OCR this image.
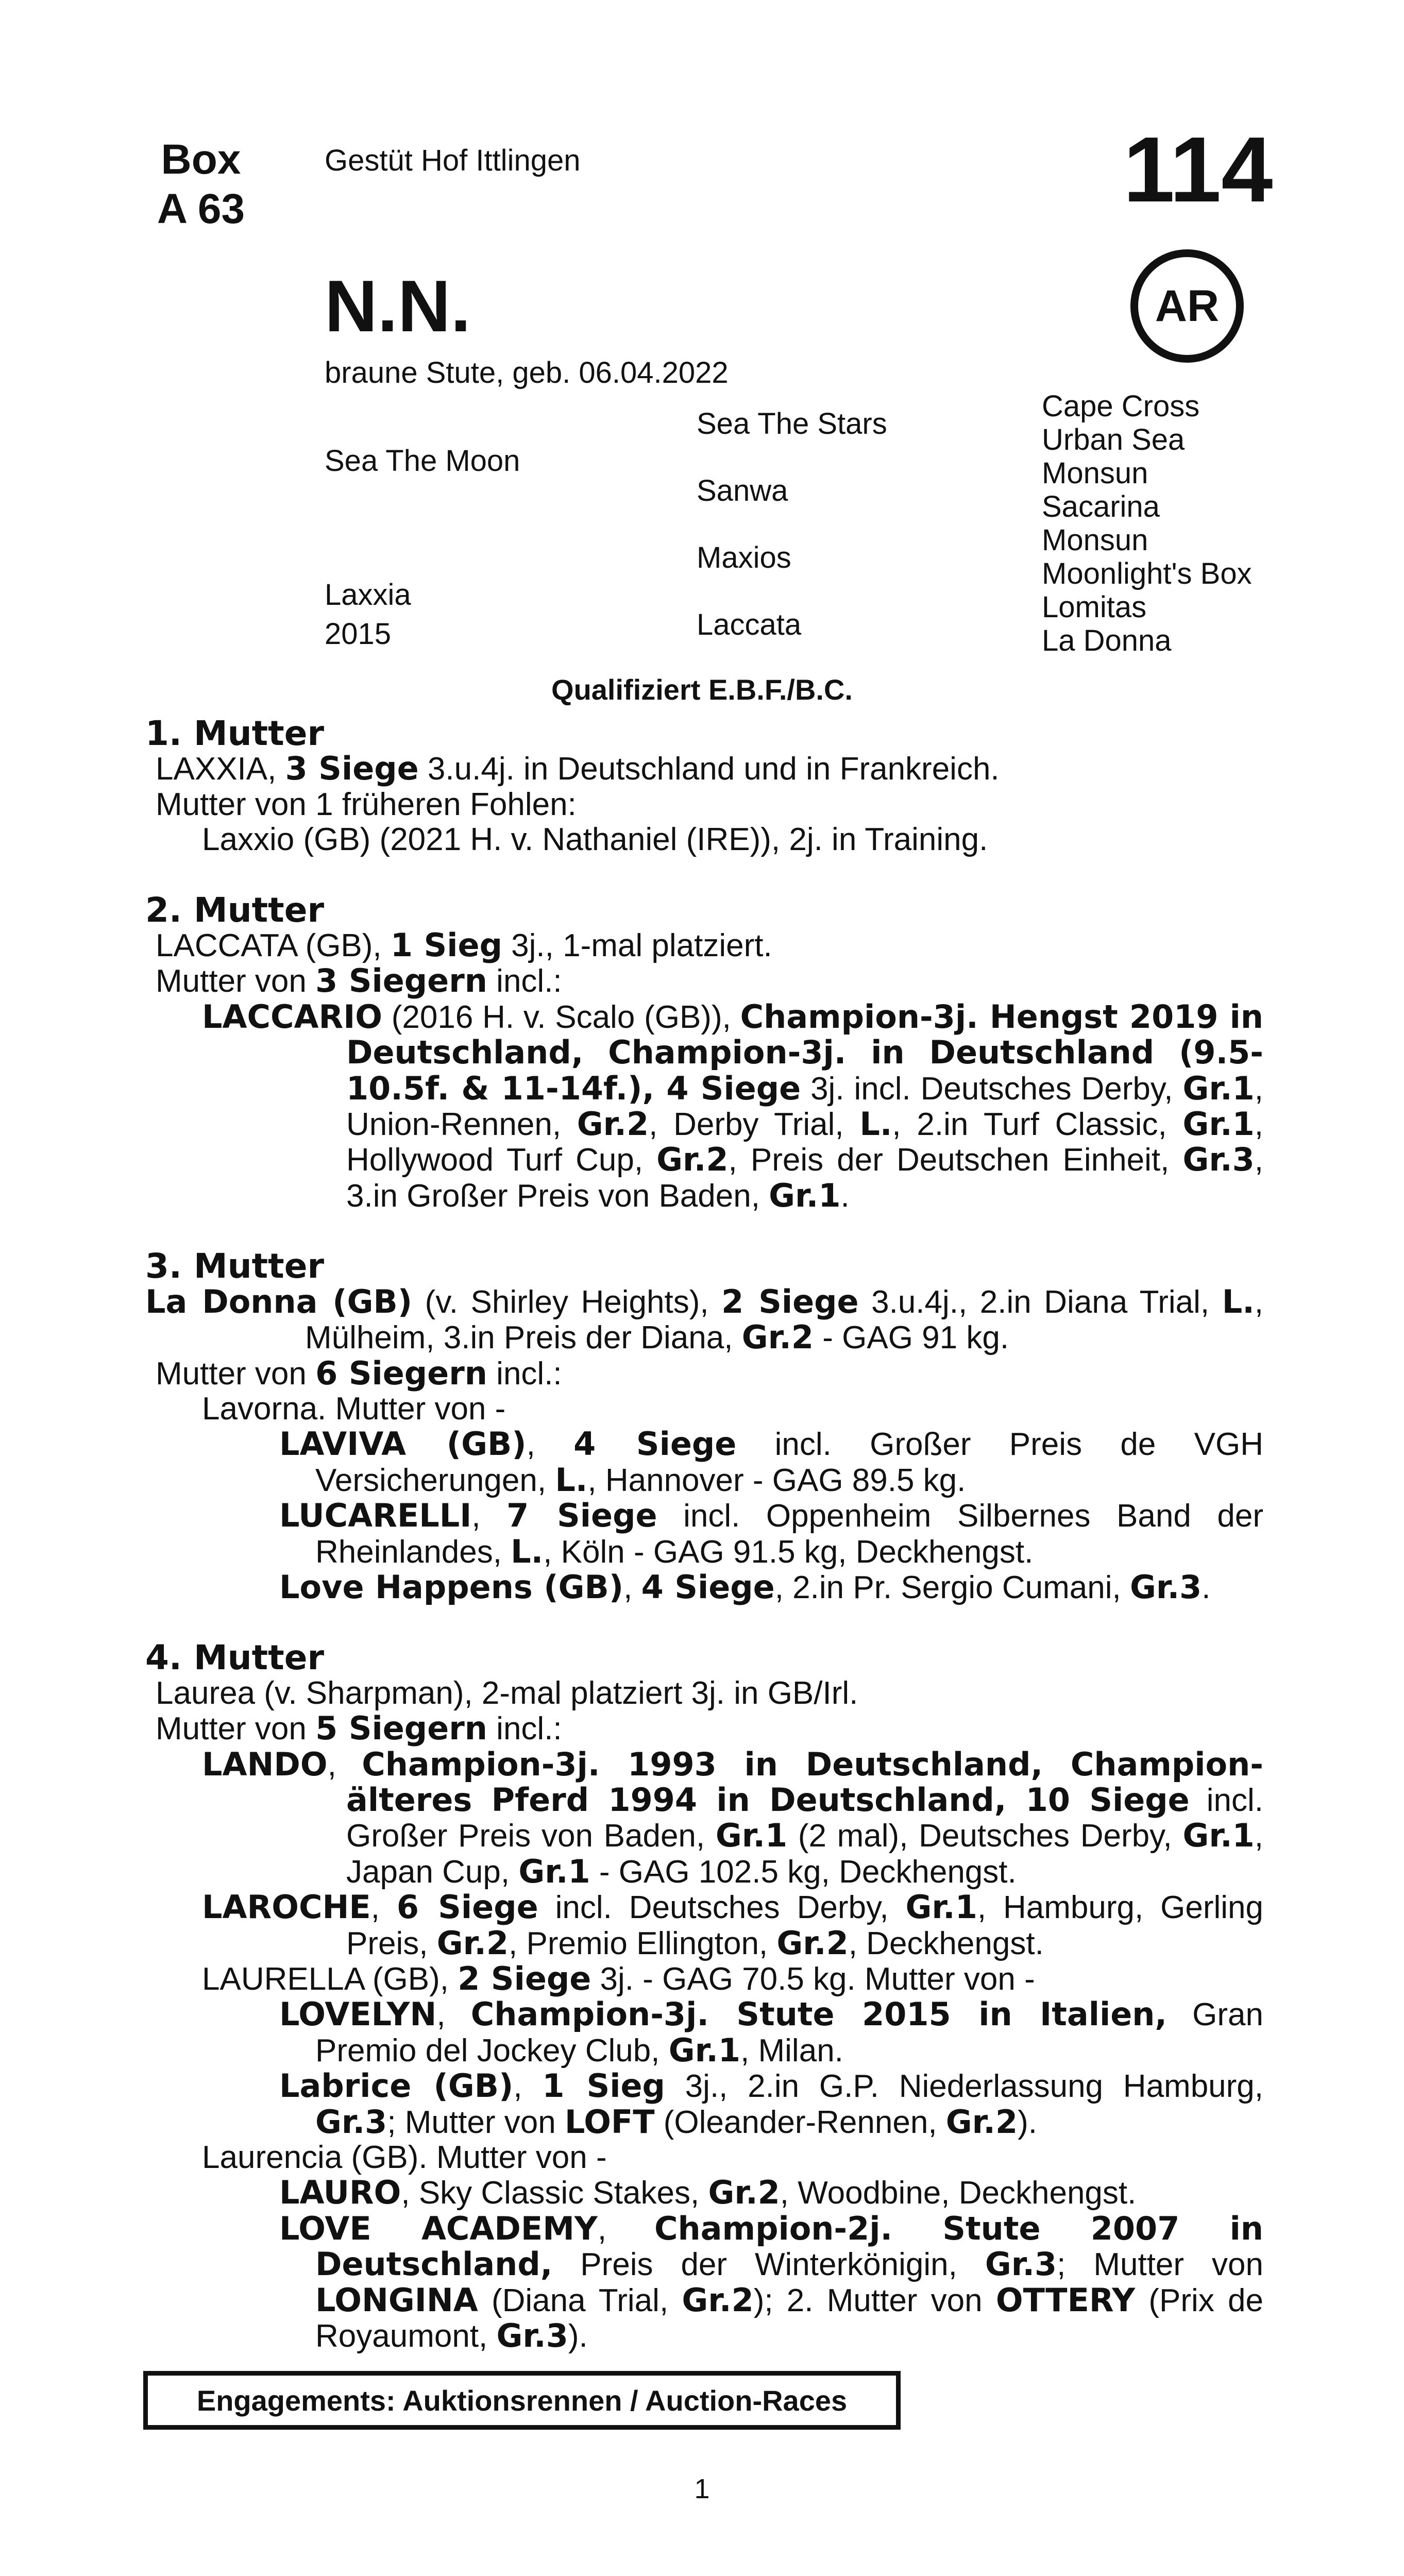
Box
A 63
Gestüt Hof Ittlingen	114
AR
N.N.
braune Stute, geb. 06.04.2022
Sea The Moon
Laxxia
2015
Sea The Stars
Sanwa
Maxios
Laccata
Cape Cross
Urban Sea
Monsun
Sacarina
Monsun
Moonlight's Box
Lomitas
La Donna
Qualifiziert E.B.F./B.C.
1. Mutter

LAXXIA, 3 Siege 3.u.4j. in Deutschland und in Frankreich.

Mutter von 1 früheren Fohlen:

Laxxio (GB) (2021 H. v. Nathaniel (IRE)), 2j. in Training.

2. Mutter

LACCATA (GB), 1 Sieg 3j., 1-mal platziert.

Mutter von 3 Siegern incl.:

LACCARIO (2016 H. v. Scalo (GB)), Champion-3j. Hengst 2019 in Deutschland, Champion-3j. in Deutschland (9.5-10.5f. & 11-14f.), 4 Siege 3j. incl. Deutsches Derby, Gr.1, Union-Rennen, Gr.2, Derby Trial, L., 2.in Turf Classic, Gr.1, Hollywood Turf Cup, Gr.2, Preis der Deutschen Einheit, Gr.3, 3.in Großer Preis von Baden, Gr.1.

3. Mutter

La Donna (GB) (v. Shirley Heights), 2 Siege 3.u.4j., 2.in Diana Trial, L., Mülheim, 3.in Preis der Diana, Gr.2 - GAG 91 kg.

Mutter von 6 Siegern incl.:

Lavorna. Mutter von -

LAVIVA (GB), 4 Siege incl. Großer Preis de VGH Versicherungen, L., Hannover - GAG 89.5 kg.

LUCARELLI, 7 Siege incl. Oppenheim Silbernes Band der Rheinlandes, L., Köln - GAG 91.5 kg, Deckhengst.

Love Happens (GB), 4 Siege, 2.in Pr. Sergio Cumani, Gr.3.

4. Mutter

Laurea (v. Sharpman), 2-mal platziert 3j. in GB/Irl.

Mutter von 5 Siegern incl.:

LANDO, Champion-3j. 1993 in Deutschland, Champion-älteres Pferd 1994 in Deutschland, 10 Siege incl. Großer Preis von Baden, Gr.1 (2 mal), Deutsches Derby, Gr.1, Japan Cup, Gr.1 - GAG 102.5 kg, Deckhengst.

LAROCHE, 6 Siege incl. Deutsches Derby, Gr.1, Hamburg, Gerling Preis, Gr.2, Premio Ellington, Gr.2, Deckhengst.

LAURELLA (GB), 2 Siege 3j. - GAG 70.5 kg. Mutter von -

LOVELYN, Champion-3j. Stute 2015 in Italien, Gran Premio del Jockey Club, Gr.1, Milan.

Labrice (GB), 1 Sieg 3j., 2.in G.P. Niederlassung Hamburg, Gr.3; Mutter von LOFT (Oleander-Rennen, Gr.2).

Laurencia (GB). Mutter von -

LAURO, Sky Classic Stakes, Gr.2, Woodbine, Deckhengst.

LOVE ACADEMY, Champion-2j. Stute 2007 in Deutschland, Preis der Winterkönigin, Gr.3; Mutter von LONGINA (Diana Trial, Gr.2); 2. Mutter von OTTERY (Prix de Royaumont, Gr.3).

Engagements: Auktionsrennen / Auction-Races
1
